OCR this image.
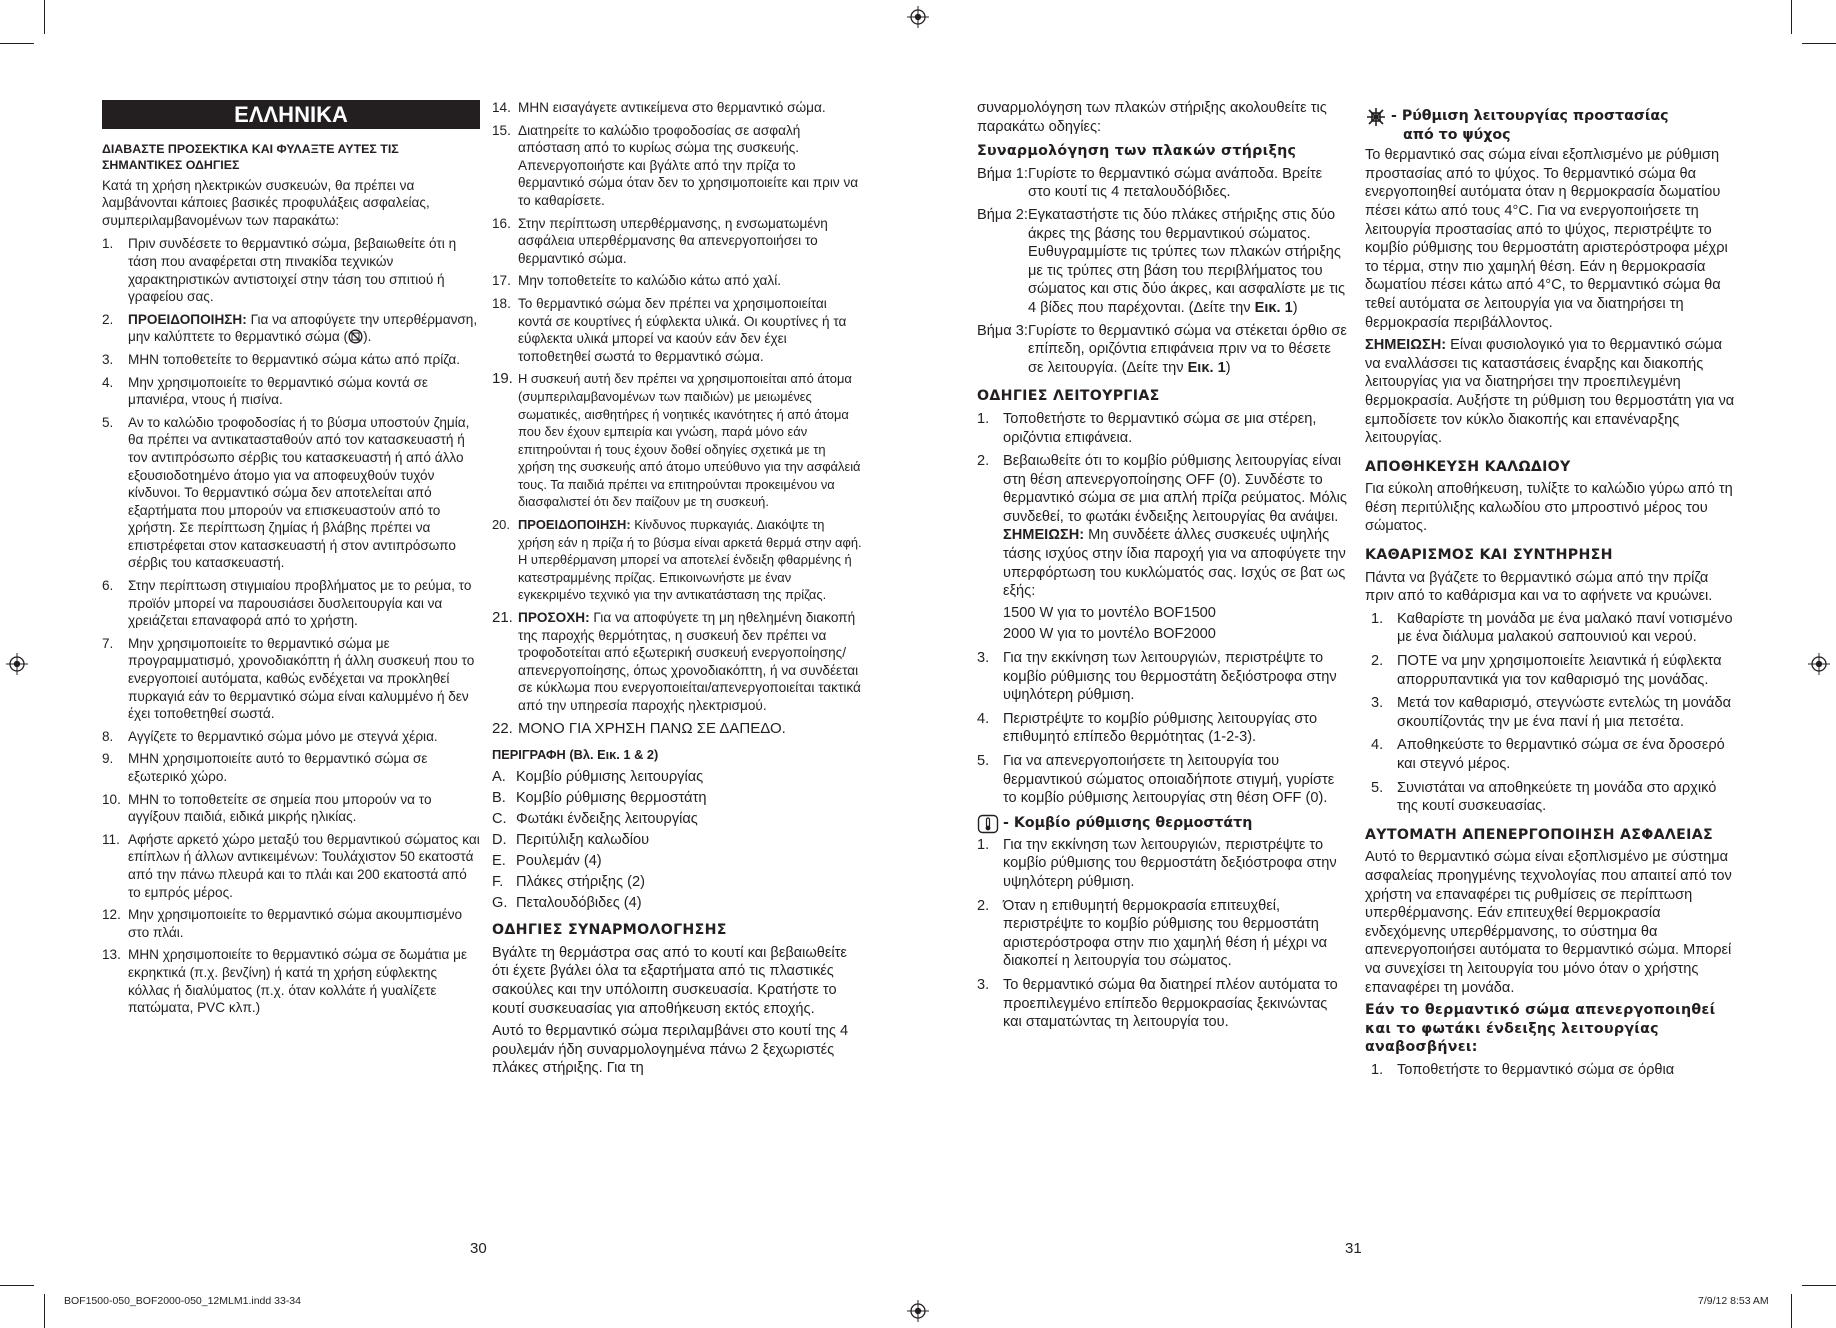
ΕΛΛΗΝΙΚΑ
ΔΙΑΒΑΣΤΕ ΠΡΟΣΕΚΤΙΚΑ ΚΑΙ ΦΥΛΑΞΤΕ ΑΥΤΕΣ ΤΙΣ ΣΗΜΑΝΤΙΚΕΣ ΟΔΗΓΙΕΣ
Κατά τη χρήση ηλεκτρικών συσκευών, θα πρέπει να λαμβάνονται κάποιες βασικές προφυλάξεις ασφαλείας, συμπεριλαμβανομένων των παρακάτω:
1.	Πριν συνδέσετε το θερμαντικό σώμα, βεβαιωθείτε ότι η τάση που αναφέρεται στη πινακίδα τεχνικών χαρακτηριστικών αντιστοιχεί στην τάση του σπιτιού ή γραφείου σας.
2.	ΠΡΟΕΙΔΟΠΟΙΗΣΗ: Για να αποφύγετε την υπερθέρμανση, μην καλύπτετε το θερμαντικό σώμα ( ).
3.	ΜΗΝ τοποθετείτε το θερμαντικό σώμα κάτω από πρίζα.
4.	Μην χρησιμοποιείτε το θερμαντικό σώμα κοντά σε μπανιέρα, ντους ή πισίνα.
5.	Αν το καλώδιο τροφοδοσίας ή το βύσμα υποστούν ζημία, θα πρέπει να αντικατασταθούν από τον κατασκευαστή ή τον αντιπρόσωπο σέρβις του κατασκευαστή ή από άλλο εξουσιοδοτημένο άτομο για να αποφευχθούν τυχόν κίνδυνοι. Το θερμαντικό σώμα δεν αποτελείται από εξαρτήματα που μπορούν να επισκευαστούν από το χρήστη. Σε περίπτωση ζημίας ή βλάβης πρέπει να επιστρέφεται στον κατασκευαστή ή στον αντιπρόσωπο σέρβις του κατασκευαστή.
6.	Στην περίπτωση στιγμιαίου προβλήματος με το ρεύμα, το προϊόν μπορεί να παρουσιάσει δυσλειτουργία και να χρειάζεται επαναφορά από το χρήστη.
7.	Μην χρησιμοποιείτε το θερμαντικό σώμα με προγραμματισμό, χρονοδιακόπτη ή άλλη συσκευή που το ενεργοποιεί αυτόματα, καθώς ενδέχεται να προκληθεί πυρκαγιά εάν το θερμαντικό σώμα είναι καλυμμένο ή δεν έχει τοποθετηθεί σωστά.
8.	Αγγίζετε το θερμαντικό σώμα μόνο με στεγνά χέρια.
9.	ΜΗΝ χρησιμοποιείτε αυτό το θερμαντικό σώμα σε εξωτερικό χώρο.
10. ΜΗΝ το τοποθετείτε σε σημεία που μπορούν να το αγγίξουν παιδιά, ειδικά μικρής ηλικίας.
11. Αφήστε αρκετό χώρο μεταξύ του θερμαντικού σώματος και επίπλων ή άλλων αντικειμένων: Τουλάχιστον 50 εκατοστά από την πάνω πλευρά και το πλάι και 200 εκατοστά από το εμπρός μέρος.
12. Μην χρησιμοποιείτε το θερμαντικό σώμα ακουμπισμένο στο πλάι.
13. ΜΗΝ χρησιμοποιείτε το θερμαντικό σώμα σε δωμάτια με εκρηκτικά (π.χ. βενζίνη) ή κατά τη χρήση εύφλεκτης κόλλας ή διαλύματος (π.χ. όταν κολλάτε ή γυαλίζετε πατώματα, PVC κλπ.)
14. ΜΗΝ εισαγάγετε αντικείμενα στο θερμαντικό σώμα.
15. Διατηρείτε το καλώδιο τροφοδοσίας σε ασφαλή απόσταση από το κυρίως σώμα της συσκευής. Απενεργοποιήστε και βγάλτε από την πρίζα το θερμαντικό σώμα όταν δεν το χρησιμοποιείτε και πριν να το καθαρίσετε.
16. Στην περίπτωση υπερθέρμανσης, η ενσωματωμένη ασφάλεια υπερθέρμανσης θα απενεργοποιήσει το θερμαντικό σώμα.
17. Μην τοποθετείτε το καλώδιο κάτω από χαλί.
18. Το θερμαντικό σώμα δεν πρέπει να χρησιμοποιείται κοντά σε κουρτίνες ή εύφλεκτα υλικά. Οι κουρτίνες ή τα εύφλεκτα υλικά μπορεί να καούν εάν δεν έχει τοποθετηθεί σωστά το θερμαντικό σώμα.
19. Η συσκευή αυτή δεν πρέπει να χρησιμοποιείται από άτομα (συμπεριλαμβανομένων των παιδιών) με μειωμένες σωματικές, αισθητήρες ή νοητικές ικανότητες ή από άτομα που δεν έχουν εμπειρία και γνώση, παρά μόνο εάν επιτηρούνται ή τους έχουν δοθεί οδηγίες σχετικά με τη χρήση της συσκευής από άτομο υπεύθυνο για την ασφάλειά τους. Τα παιδιά πρέπει να επιτηρούνται προκειμένου να διασφαλιστεί ότι δεν παίζουν με τη συσκευή.
20. ΠΡΟΕΙΔΟΠΟΙΗΣΗ: Κίνδυνος πυρκαγιάς. Διακόψτε τη χρήση εάν η πρίζα ή το βύσμα είναι αρκετά θερμά στην αφή. Η υπερθέρμανση μπορεί να αποτελεί ένδειξη φθαρμένης ή κατεστραμμένης πρίζας. Επικοινωνήστε με έναν εγκεκριμένο τεχνικό για την αντικατάσταση της πρίζας.
21. ΠΡΟΣΟΧΗ: Για να αποφύγετε τη μη ηθελημένη διακοπή της παροχής θερμότητας, η συσκευή δεν πρέπει να τροφοδοτείται από εξωτερική συσκευή ενεργοποίησης/απενεργοποίησης, όπως χρονοδιακόπτη, ή να συνδέεται σε κύκλωμα που ενεργοποιείται/απενεργοποιείται τακτικά από την υπηρεσία παροχής ηλεκτρισμού.
22. ΜΟΝΟ ΓΙΑ ΧΡΗΣΗ ΠΑΝΩ ΣΕ ΔΑΠΕΔΟ.
ΠΕΡΙΓΡΑΦΗ (Βλ. Εικ. 1 & 2)
A. Κομβίο ρύθμισης λειτουργίας
B. Κομβίο ρύθμισης θερμοστάτη
C. Φωτάκι ένδειξης λειτουργίας
D. Περιτύλιξη καλωδίου
E. Ρουλεμάν (4)
F. Πλάκες στήριξης (2)
G. Πεταλουδόβιδες (4)
ΟΔΗΓΙΕΣ ΣΥΝΑΡΜΟΛΟΓΗΣΗΣ
Βγάλτε τη θερμάστρα σας από το κουτί και βεβαιωθείτε ότι έχετε βγάλει όλα τα εξαρτήματα από τις πλαστικές σακούλες και την υπόλοιπη συσκευασία. Κρατήστε το κουτί συσκευασίας για αποθήκευση εκτός εποχής.
Αυτό το θερμαντικό σώμα περιλαμβάνει στο κουτί της 4 ρουλεμάν ήδη συναρμολογημένα πάνω 2 ξεχωριστές πλάκες στήριξης. Για τη
συναρμολόγηση των πλακών στήριξης ακολουθείτε τις παρακάτω οδηγίες:
Συναρμολόγηση των πλακών στήριξης
Βήμα 1: Γυρίστε το θερμαντικό σώμα ανάποδα. Βρείτε στο κουτί τις 4 πεταλουδόβιδες.
Βήμα 2: Εγκαταστήστε τις δύο πλάκες στήριξης στις δύο άκρες της βάσης του θερμαντικού σώματος. Ευθυγραμμίστε τις τρύπες των πλακών στήριξης με τις τρύπες στη βάση του περιβλήματος του σώματος και στις δύο άκρες, και ασφαλίστε με τις 4 βίδες που παρέχονται. (Δείτε την Εικ. 1)
Βήμα 3: Γυρίστε το θερμαντικό σώμα να στέκεται όρθιο σε επίπεδη, οριζόντια επιφάνεια πριν να το θέσετε σε λειτουργία. (Δείτε την Εικ. 1)
ΟΔΗΓΙΕΣ ΛΕΙΤΟΥΡΓΙΑΣ
1. Τοποθετήστε το θερμαντικό σώμα σε μια στέρεη, οριζόντια επιφάνεια.
2. Βεβαιωθείτε ότι το κομβίο ρύθμισης λειτουργίας είναι στη θέση απενεργοποίησης OFF (0). Συνδέστε το θερμαντικό σώμα σε μια απλή πρίζα ρεύματος. Μόλις συνδεθεί, το φωτάκι ένδειξης λειτουργίας θα ανάψει.
ΣΗΜΕΙΩΣΗ: Μη συνδέετε άλλες συσκευές υψηλής τάσης ισχύος στην ίδια παροχή για να αποφύγετε την υπερφόρτωση του κυκλώματός σας. Ισχύς σε βατ ως εξής:
1500 W για το μοντέλο BOF1500
2000 W για το μοντέλο BOF2000
3. Για την εκκίνηση των λειτουργιών, περιστρέψτε το κομβίο ρύθμισης του θερμοστάτη δεξιόστροφα στην υψηλότερη ρύθμιση.
4. Περιστρέψτε το κομβίο ρύθμισης λειτουργίας στο επιθυμητό επίπεδο θερμότητας (1-2-3).
5. Για να απενεργοποιήσετε τη λειτουργία του θερμαντικού σώματος οποιαδήποτε στιγμή, γυρίστε το κομβίο ρύθμισης λειτουργίας στη θέση OFF (0).
- Κομβίο ρύθμισης θερμοστάτη
1. Για την εκκίνηση των λειτουργιών, περιστρέψτε το κομβίο ρύθμισης του θερμοστάτη δεξιόστροφα στην υψηλότερη ρύθμιση.
2. Όταν η επιθυμητή θερμοκρασία επιτευχθεί, περιστρέψτε το κομβίο ρύθμισης του θερμοστάτη αριστερόστροφα στην πιο χαμηλή θέση ή μέχρι να διακοπεί η λειτουργία του σώματος.
3. Το θερμαντικό σώμα θα διατηρεί πλέον αυτόματα το προεπιλεγμένο επίπεδο θερμοκρασίας ξεκινώντας και σταματώντας τη λειτουργία του.
- Ρύθμιση λειτουργίας προστασίας
από το ψύχος
Το θερμαντικό σας σώμα είναι εξοπλισμένο με ρύθμιση προστασίας από το ψύχος. Το θερμαντικό σώμα θα ενεργοποιηθεί αυτόματα όταν η θερμοκρασία δωματίου πέσει κάτω από τους 4°C. Για να ενεργοποιήσετε τη λειτουργία προστασίας από το ψύχος, περιστρέψτε το κομβίο ρύθμισης του θερμοστάτη αριστερόστροφα μέχρι το τέρμα, στην πιο χαμηλή θέση. Εάν η θερμοκρασία δωματίου πέσει κάτω από 4°C, το θερμαντικό σώμα θα τεθεί αυτόματα σε λειτουργία για να διατηρήσει τη θερμοκρασία περιβάλλοντος.
ΣΗΜΕΙΩΣΗ: Είναι φυσιολογικό για το θερμαντικό σώμα να εναλλάσσει τις καταστάσεις έναρξης και διακοπής λειτουργίας για να διατηρήσει την προεπιλεγμένη θερμοκρασία. Αυξήστε τη ρύθμιση του θερμοστάτη για να εμποδίσετε τον κύκλο διακοπής και επανέναρξης λειτουργίας.
ΑΠΟΘΗΚΕΥΣΗ ΚΑΛΩΔΙΟΥ
Για εύκολη αποθήκευση, τυλίξτε το καλώδιο γύρω από τη θέση περιτύλιξης καλωδίου στο μπροστινό μέρος του σώματος.
ΚΑΘΑΡΙΣΜΟΣ ΚΑΙ ΣΥΝΤΗΡΗΣΗ
Πάντα να βγάζετε το θερμαντικό σώμα από την πρίζα πριν από το καθάρισμα και να το αφήνετε να κρυώνει.
1. Καθαρίστε τη μονάδα με ένα μαλακό πανί νοτισμένο με ένα διάλυμα μαλακού σαπουνιού και νερού.
2. ΠΟΤΕ να μην χρησιμοποιείτε λειαντικά ή εύφλεκτα απορρυπαντικά για τον καθαρισμό της μονάδας.
3. Μετά τον καθαρισμό, στεγνώστε εντελώς τη μονάδα σκουπίζοντάς την με ένα πανί ή μια πετσέτα.
4. Αποθηκεύστε το θερμαντικό σώμα σε ένα δροσερό και στεγνό μέρος.
5. Συνιστάται να αποθηκεύετε τη μονάδα στο αρχικό της κουτί συσκευασίας.
ΑΥΤΟΜΑΤΗ ΑΠΕΝΕΡΓΟΠΟΙΗΣΗ ΑΣΦΑΛΕΙΑΣ
Αυτό το θερμαντικό σώμα είναι εξοπλισμένο με σύστημα ασφαλείας προηγμένης τεχνολογίας που απαιτεί από τον χρήστη να επαναφέρει τις ρυθμίσεις σε περίπτωση υπερθέρμανσης. Εάν επιτευχθεί θερμοκρασία ενδεχόμενης υπερθέρμανσης, το σύστημα θα απενεργοποιήσει αυτόματα το θερμαντικό σώμα. Μπορεί να συνεχίσει τη λειτουργία του μόνο όταν ο χρήστης επαναφέρει τη μονάδα.
Εάν το θερμαντικό σώμα απενεργοποιηθεί και το φωτάκι ένδειξης λειτουργίας αναβοσβήνει:
1. Τοποθετήστε το θερμαντικό σώμα σε όρθια
30	31
BOF1500-050_BOF2000-050_12MLM1.indd 33-34	7/9/12 8:53 AM
